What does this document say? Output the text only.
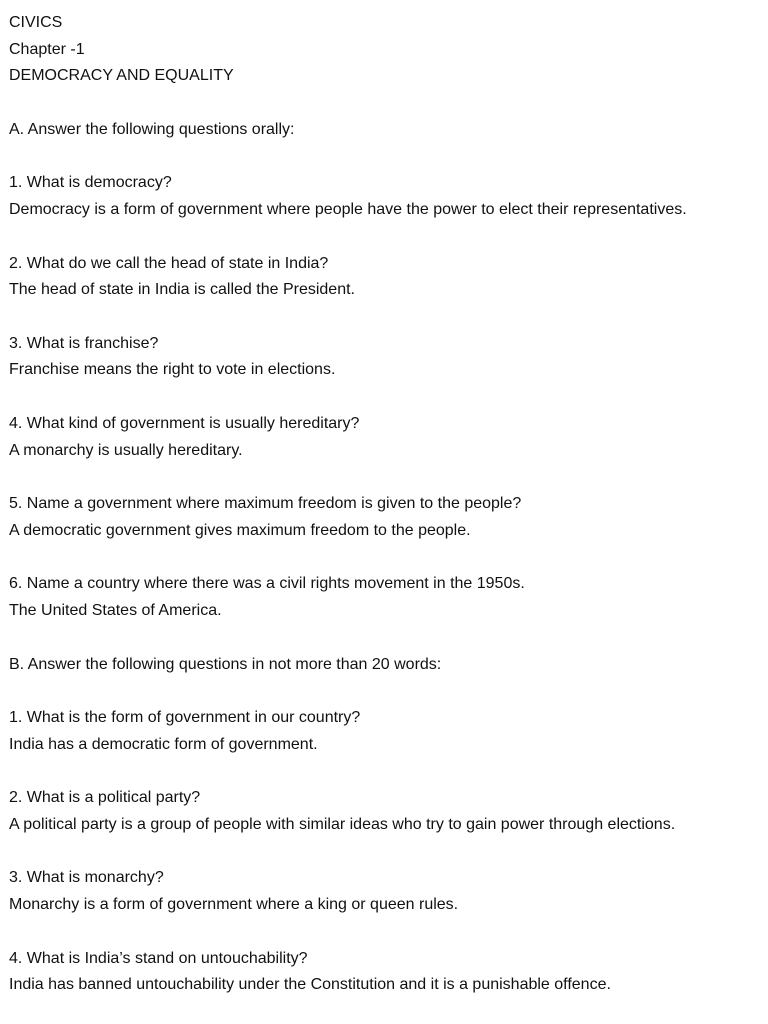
CIVICS

Chapter -1

DEMOCRACY AND EQUALITY

A. Answer the following questions orally:

1. What is democracy?

Democracy is a form of government where people have the power to elect their representatives.

2. What do we call the head of state in India?

The head of state in India is called the President.

3. What is franchise?

Franchise means the right to vote in elections.

4. What kind of government is usually hereditary?

A monarchy is usually hereditary.

5. Name a government where maximum freedom is given to the people?

A democratic government gives maximum freedom to the people.

6. Name a country where there was a civil rights movement in the 1950s.

The United States of America.

B. Answer the following questions in not more than 20 words:

1. What is the form of government in our country?

India has a democratic form of government.

2. What is a political party?

A political party is a group of people with similar ideas who try to gain power through elections.

3. What is monarchy?

Monarchy is a form of government where a king or queen rules.

4. What is India’s stand on untouchability?

India has banned untouchability under the Constitution and it is a punishable offence.
